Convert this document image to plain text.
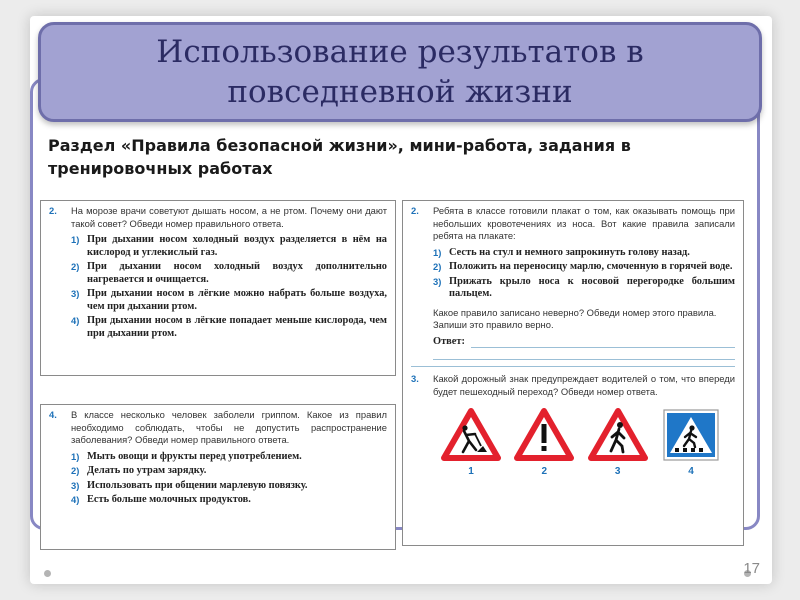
Использование результатов в повседневной жизни
Раздел «Правила безопасной жизни», мини-работа, задания в тренировочных работах
2.	На морозе врачи советуют дышать носом, а не ртом. Почему они дают такой совет? Обведи номер правильного ответа.
1) При дыхании носом холодный воздух разделяется в нём на кислород и углекислый газ.
2) При дыхании носом холодный воздух дополнительно нагревается и очищается.
3) При дыхании носом в лёгкие можно набрать больше воздуха, чем при дыхании ртом.
4) При дыхании носом в лёгкие попадает меньше кислорода, чем при дыхании ртом.
4.	В классе несколько человек заболели гриппом. Какое из правил необходимо соблюдать, чтобы не допустить распространение заболевания? Обведи номер правильного ответа.
1) Мыть овощи и фрукты перед употреблением.
2) Делать по утрам зарядку.
3) Использовать при общении марлевую повязку.
4) Есть больше молочных продуктов.
2.	Ребята в классе готовили плакат о том, как оказывать помощь при небольших кровотечениях из носа. Вот какие правила записали ребята на плакате:
1) Сесть на стул и немного запрокинуть голову назад.
2) Положить на переносицу марлю, смоченную в горячей воде.
3) Прижать крыло носа к носовой перегородке большим пальцем.
Какое правило записано неверно? Обведи номер этого правила.
Запиши это правило верно.
Ответ:
3.	Какой дорожный знак предупреждает водителей о том, что впереди будет пешеходный переход? Обведи номер ответа.
1	2	3	4
17
